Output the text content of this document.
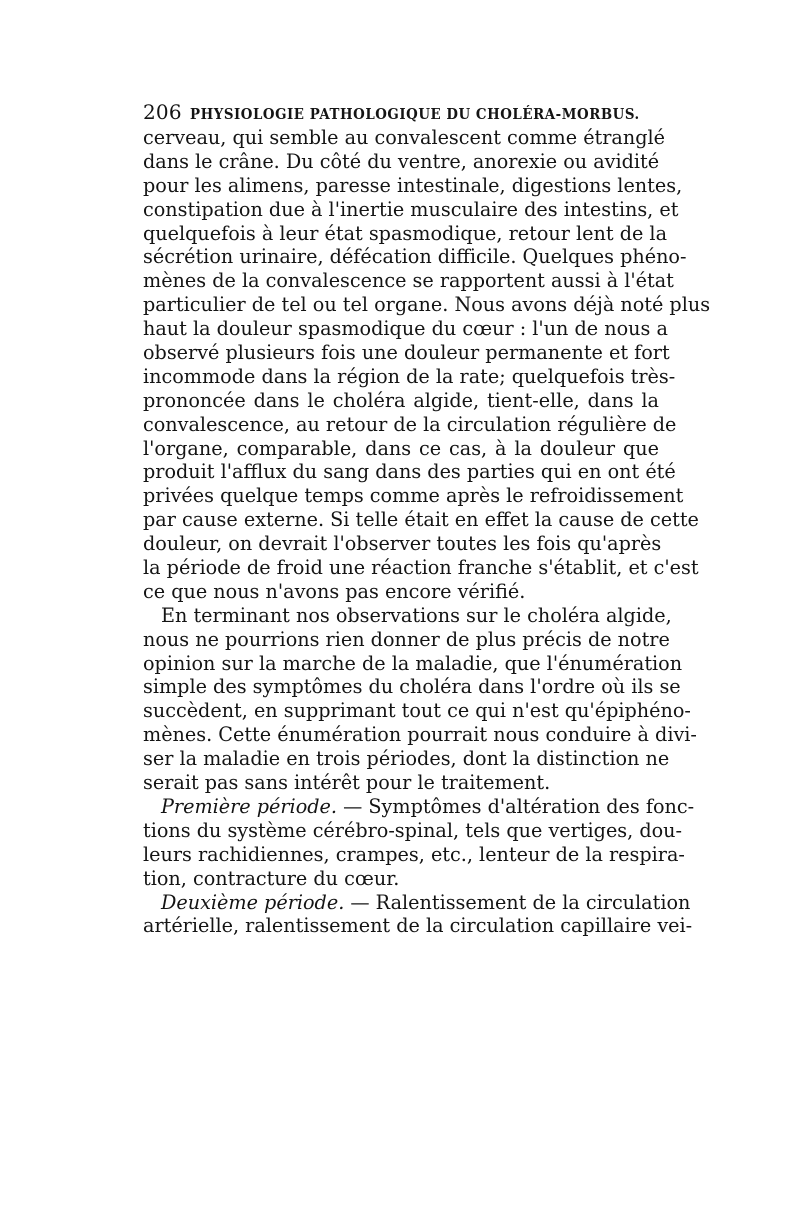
206 PHYSIOLOGIE PATHOLOGIQUE DU CHOLÉRA-MORBUS.
cerveau, qui semble au convalescent comme étranglé
dans le crâne. Du côté du ventre, anorexie ou avidité
pour les alimens, paresse intestinale, digestions lentes,
constipation due à l'inertie musculaire des intestins, et
quelquefois à leur état spasmodique, retour lent de la
sécrétion urinaire, défécation difficile. Quelques phéno-
mènes de la convalescence se rapportent aussi à l'état
particulier de tel ou tel organe. Nous avons déjà noté plus
haut la douleur spasmodique du cœur : l'un de nous a
observé plusieurs fois une douleur permanente et fort
incommode dans la région de la rate; quelquefois très-
prononcée dans le choléra algide, tient-elle, dans la
convalescence, au retour de la circulation régulière de
l'organe, comparable, dans ce cas, à la douleur que
produit l'afflux du sang dans des parties qui en ont été
privées quelque temps comme après le refroidissement
par cause externe. Si telle était en effet la cause de cette
douleur, on devrait l'observer toutes les fois qu'après
la période de froid une réaction franche s'établit, et c'est
ce que nous n'avons pas encore vérifié.
En terminant nos observations sur le choléra algide,
nous ne pourrions rien donner de plus précis de notre
opinion sur la marche de la maladie, que l'énumération
simple des symptômes du choléra dans l'ordre où ils se
succèdent, en supprimant tout ce qui n'est qu'épiphéno-
mènes. Cette énumération pourrait nous conduire à divi-
ser la maladie en trois périodes, dont la distinction ne
serait pas sans intérêt pour le traitement.
Première période. — Symptômes d'altération des fonc-
tions du système cérébro-spinal, tels que vertiges, dou-
leurs rachidiennes, crampes, etc., lenteur de la respira-
tion, contracture du cœur.
Deuxième période. — Ralentissement de la circulation
artérielle, ralentissement de la circulation capillaire vei-
